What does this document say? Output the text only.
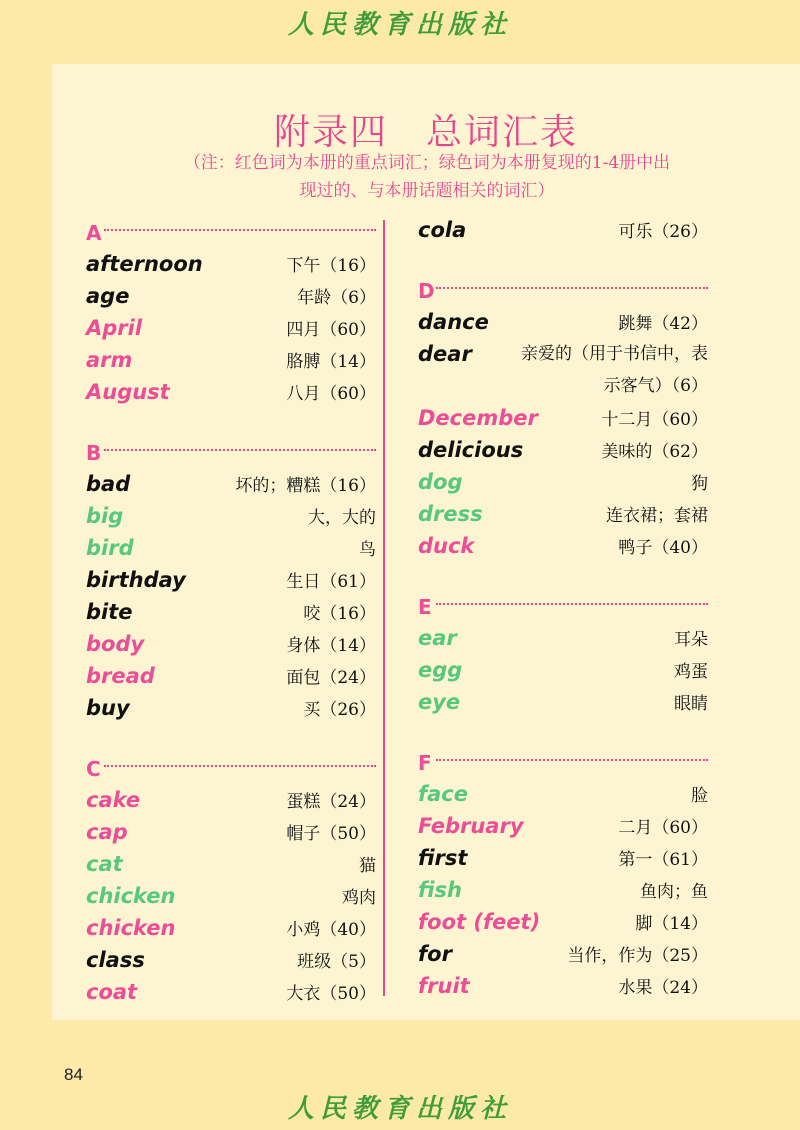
人民教育出版社
附录四　总词汇表
（注：红色词为本册的重点词汇；绿色词为本册复现的1-4册中出
现过的、与本册话题相关的词汇）
A
afternoon	下午（16）
age	年龄（6）
April	四月（60）
arm	胳膊（14）
August	八月（60）
B
bad	坏的；糟糕（16）
big	大，大的
bird	鸟
birthday	生日（61）
bite	咬（16）
body	身体（14）
bread	面包（24）
buy	买（26）
C
cake	蛋糕（24）
cap	帽子（50）
cat	猫
chicken	鸡肉
chicken	小鸡（40）
class	班级（5）
coat	大衣（50）
cola	可乐（26）
D
dance	跳舞（42）
dear	亲爱的（用于书信中，表示客气）（6）
December	十二月（60）
delicious	美味的（62）
dog	狗
dress	连衣裙；套裙
duck	鸭子（40）
E
ear	耳朵
egg	鸡蛋
eye	眼睛
F
face	脸
February	二月（60）
first	第一（61）
fish	鱼肉；鱼
foot (feet)	脚（14）
for	当作，作为（25）
fruit	水果（24）
84
人民教育出版社
